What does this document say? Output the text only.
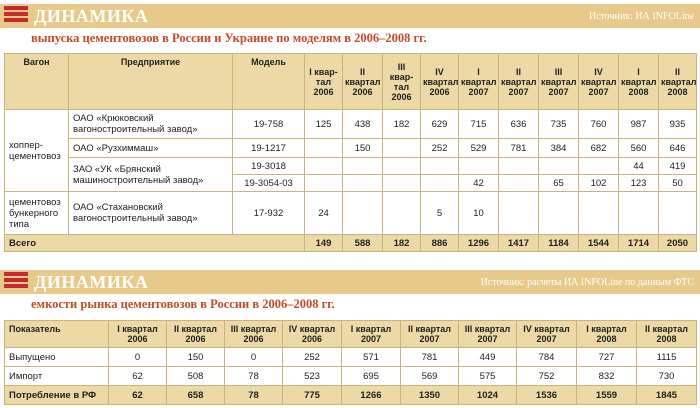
ДИНАМИКА	Источник: ИА INFOLine
выпуска цементовозов в России и Украине по моделям в 2006–2008 гг.
Вагон	Предприятие	Модель	I квар-тал 2006	II квартал 2006	III квар-тал 2006	IV квартал 2006	I квартал 2007	II квартал 2007	III квартал 2007	IV квартал 2007	I квартал 2008	II квартал 2008
хоппер-цементовоз	ОАО «Крюковский вагоностроительный завод»	19-758	125	438	182	629	715	636	735	760	987	935
	ОАО «Рузхиммаш»	19-1217		150		252	529	781	384	682	560	646
	ЗАО «УК «Брянский машиностроительный завод»	19-3018									44	419
		19-3054-03					42		65	102	123	50
цементовоз бункерного типа	ОАО «Стахановский вагоностроительный завод»	17-932	24			5	10					
Всего			149	588	182	886	1296	1417	1184	1544	1714	2050
ДИНАМИКА	Источник: расчеты ИА INFOLine по данным ФТС
емкости рынка цементовозов в России в 2006–2008 гг.
Показатель	I квартал 2006	II квартал 2006	III квартал 2006	IV квартал 2006	I квартал 2007	II квартал 2007	III квартал 2007	IV квартал 2007	I квартал 2008	II квартал 2008
Выпущено	0	150	0	252	571	781	449	784	727	1115
Импорт	62	508	78	523	695	569	575	752	832	730
Потребление в РФ	62	658	78	775	1266	1350	1024	1536	1559	1845
